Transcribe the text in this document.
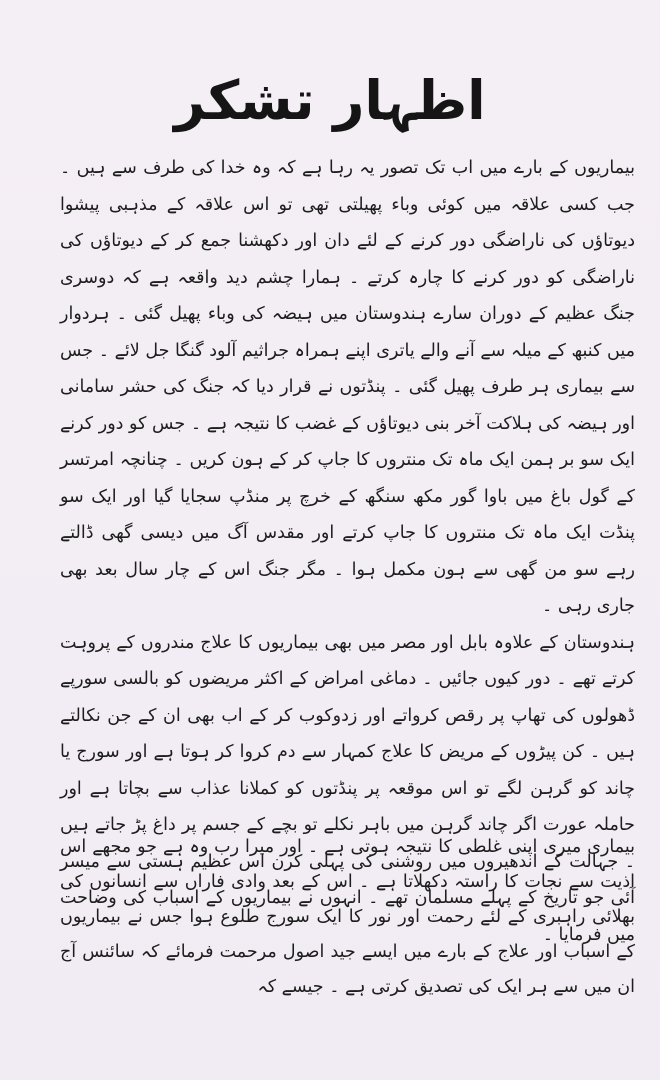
اظہار تشکر

بیماریوں کے بارے میں اب تک تصور یہ رہا ہے کہ وہ خدا کی طرف سے ہیں ۔ جب کسی علاقہ میں کوئی وباء پھیلتی تھی تو اس علاقہ کے مذہبی پیشوا دیوتاؤں کی ناراضگی دور کرنے کے لئے دان اور دکھشنا جمع کر کے دیوتاؤں کی ناراضگی کو دور کرنے کا چارہ کرتے ۔ ہمارا چشم دید واقعہ ہے کہ دوسری جنگ عظیم کے دوران سارے ہندوستان میں ہیضہ کی وباء پھیل گئی ۔ ہردوار میں کنبھ کے میلہ سے آنے والے یاتری اپنے ہمراہ جراثیم آلود گنگا جل لائے ۔ جس سے بیماری ہر طرف پھیل گئی ۔ پنڈتوں نے قرار دیا کہ جنگ کی حشر سامانی اور ہیضہ کی ہلاکت آخر بنی دیوتاؤں کے غضب کا نتیجہ ہے ۔ جس کو دور کرنے ایک سو بر ہمن ایک ماہ تک منتروں کا جاپ کر کے ہون کریں ۔ چنانچہ امرتسر کے گول باغ میں باوا گور مکھ سنگھ کے خرچ پر منڈپ سجایا گیا اور ایک سو پنڈت ایک ماہ تک منتروں کا جاپ کرتے اور مقدس آگ میں دیسی گھی ڈالتے رہے سو من گھی سے ہون مکمل ہوا ۔ مگر جنگ اس کے چار سال بعد بھی جاری رہی ۔

ہندوستان کے علاوہ بابل اور مصر میں بھی بیماریوں کا علاج مندروں کے پروہت کرتے تھے ۔ دور کیوں جائیں ۔ دماغی امراض کے اکثر مریضوں کو بالسی سورپے ڈھولوں کی تھاپ پر رقص کرواتے اور زدوکوب کر کے اب بھی ان کے جن نکالتے ہیں ۔ کن پیڑوں کے مریض کا علاج کمہار سے دم کروا کر ہوتا ہے اور سورج یا چاند کو گرہن لگے تو اس موقعہ پر پنڈتوں کو کملانا عذاب سے بچاتا ہے اور حاملہ عورت اگر چاند گرہن میں باہر نکلے تو بچے کے جسم پر داغ پڑ جاتے ہیں ۔ جہالت کے اندھیروں میں روشنی کی پہلی کرن اس عظیم ہستی سے میسر آئی جو تاریخ کے پہلے مسلمان تھے ۔ انہوں نے بیماریوں کے اسباب کی وضاحت میں فرمایا ۔

بیماری میری اپنی غلطی کا نتیجہ ہوتی ہے ۔ اور میرا رب وہ ہے جو مجھے اس اذیت سے نجات کا راستہ دکھلاتا ہے ۔ اس کے بعد وادی فاراں سے انسانوں کی بھلائی راہبری کے لئے رحمت اور نور کا ایک سورج طلوع ہوا جس نے بیماریوں کے اسباب اور علاج کے بارے میں ایسے جید اصول مرحمت فرمائے کہ سائنس آج ان میں سے ہر ایک کی تصدیق کرتی ہے ۔ جیسے کہ
